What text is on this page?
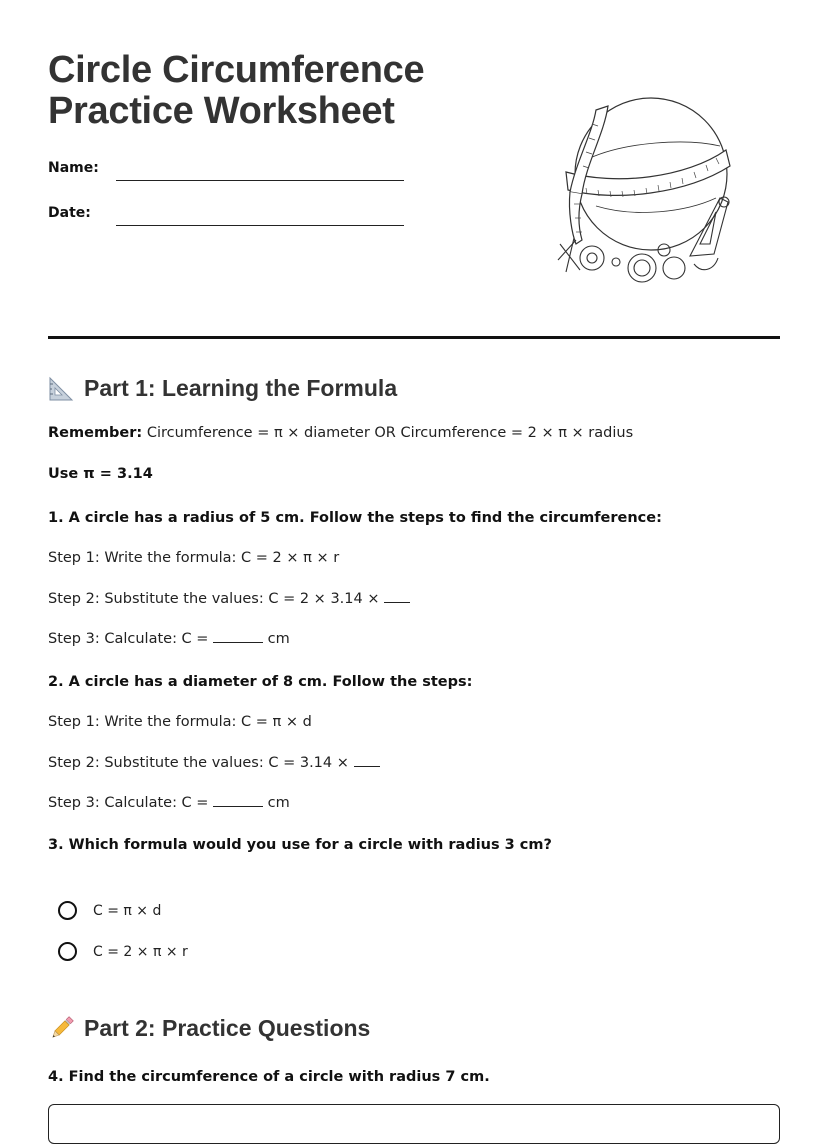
Circle Circumference
Practice Worksheet
Name:
Date:
Part 1: Learning the Formula
Remember: Circumference = π × diameter OR Circumference = 2 × π × radius
Use π = 3.14
1. A circle has a radius of 5 cm. Follow the steps to find the circumference:
Step 1: Write the formula: C = 2 × π × r
Step 2: Substitute the values: C = 2 × 3.14 ×
Step 3: Calculate: C =	cm
2. A circle has a diameter of 8 cm. Follow the steps:
Step 1: Write the formula: C = π × d
Step 2: Substitute the values: C = 3.14 ×
Step 3: Calculate: C =	cm
3. Which formula would you use for a circle with radius 3 cm?
C = π × d
C = 2 × π × r
Part 2: Practice Questions
4. Find the circumference of a circle with radius 7 cm.
